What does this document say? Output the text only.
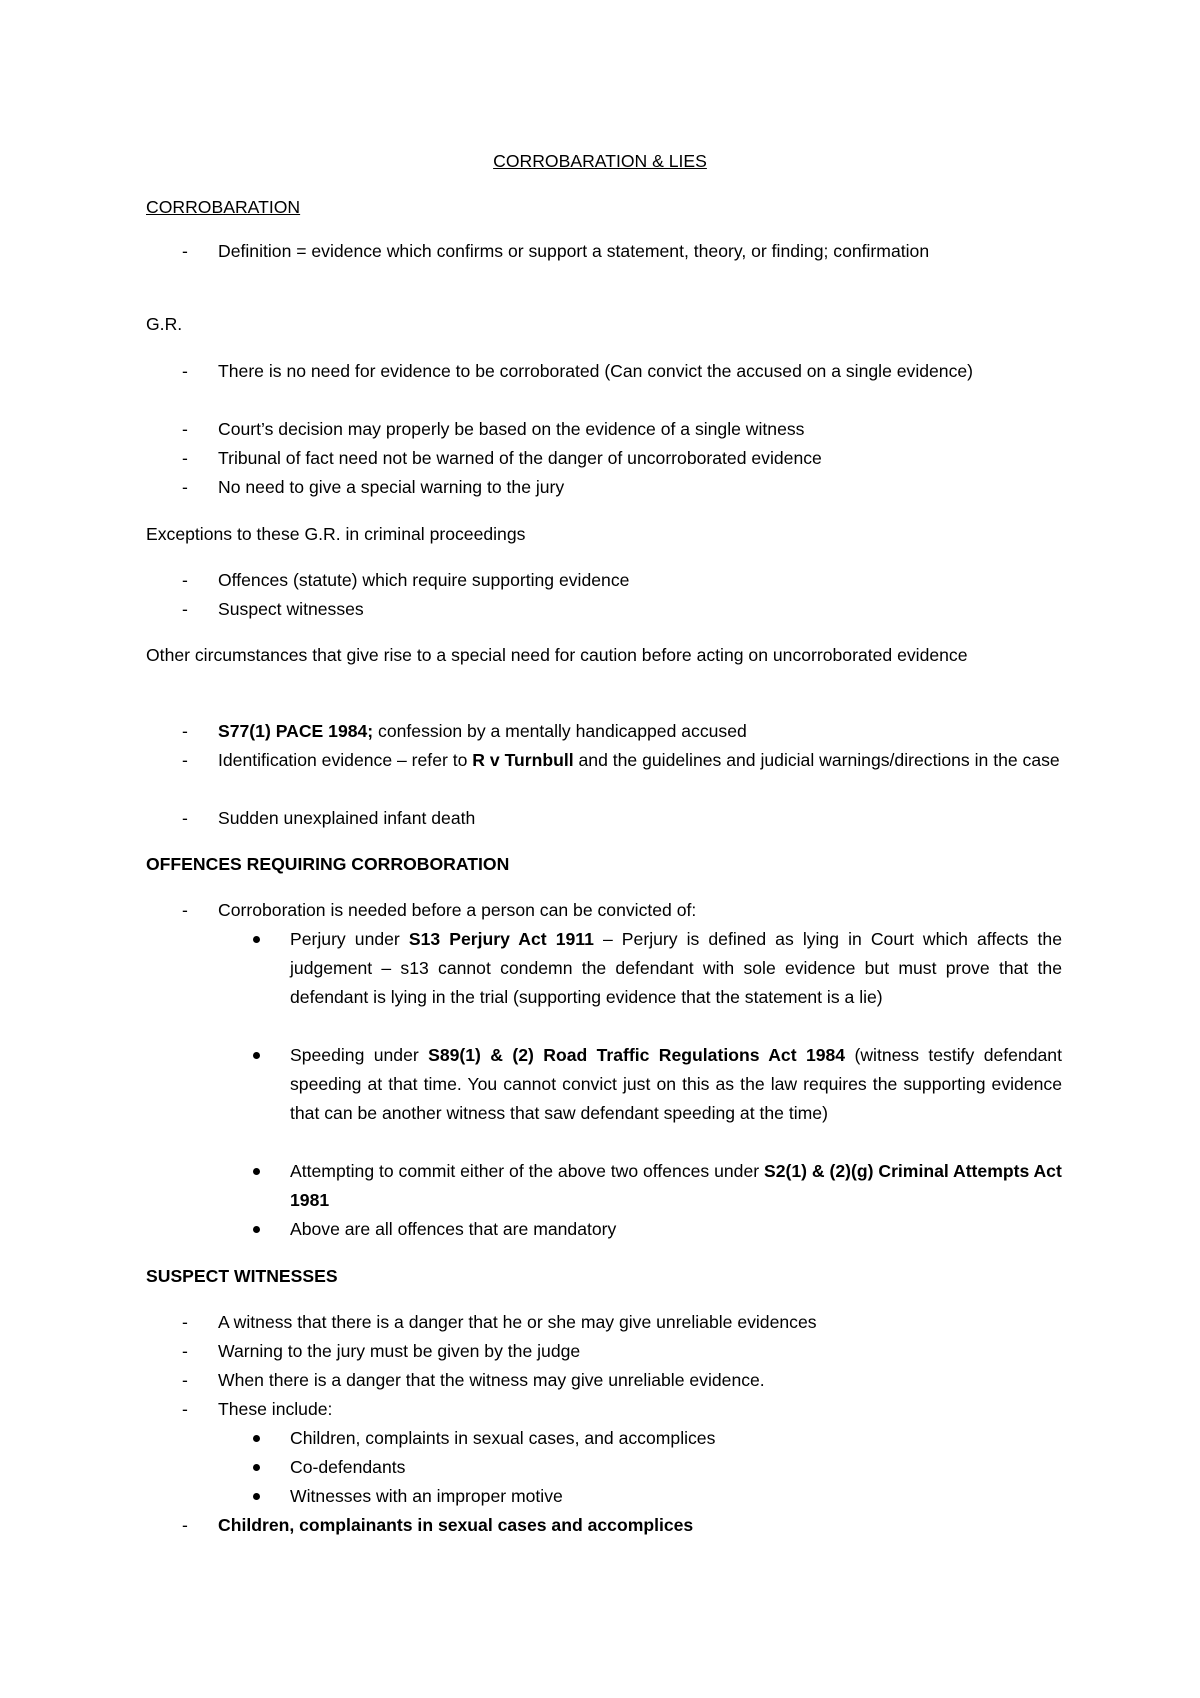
CORROBARATION & LIES
CORROBARATION
-	Definition = evidence which confirms or support a statement, theory, or finding; confirmation
G.R.
-	There is no need for evidence to be corroborated (Can convict the accused on a single evidence)
-	Court’s decision may properly be based on the evidence of a single witness
-	Tribunal of fact need not be warned of the danger of uncorroborated evidence
-	No need to give a special warning to the jury
Exceptions to these G.R. in criminal proceedings
-	Offences (statute) which require supporting evidence
-	Suspect witnesses
Other circumstances that give rise to a special need for caution before acting on uncorroborated evidence
-	S77(1) PACE 1984; confession by a mentally handicapped accused
-	Identification evidence – refer to R v Turnbull and the guidelines and judicial warnings/directions in the case
-	Sudden unexplained infant death
OFFENCES REQUIRING CORROBORATION
-	Corroboration is needed before a person can be convicted of:
Perjury under S13 Perjury Act 1911 – Perjury is defined as lying in Court which affects the judgement – s13 cannot condemn the defendant with sole evidence but must prove that the defendant is lying in the trial (supporting evidence that the statement is a lie)
Speeding under S89(1) & (2) Road Traffic Regulations Act 1984 (witness testify defendant speeding at that time. You cannot convict just on this as the law requires the supporting evidence that can be another witness that saw defendant speeding at the time)
Attempting to commit either of the above two offences under S2(1) & (2)(g) Criminal Attempts Act 1981
Above are all offences that are mandatory
SUSPECT WITNESSES
-	A witness that there is a danger that he or she may give unreliable evidences
-	Warning to the jury must be given by the judge
-	When there is a danger that the witness may give unreliable evidence.
-	These include:
Children, complaints in sexual cases, and accomplices
Co-defendants
Witnesses with an improper motive
-	Children, complainants in sexual cases and accomplices
